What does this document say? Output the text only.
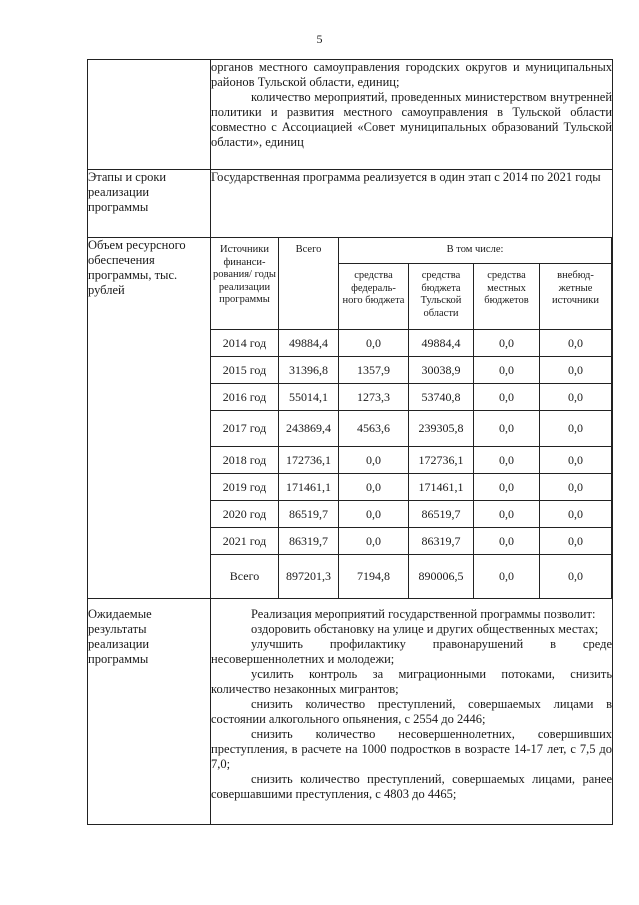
5

органов местного самоуправления городских округов и муниципальных районов Тульской области, единиц;

количество мероприятий, проведенных министерством внутренней политики и развития местного самоуправления в Тульской области совместно с Ассоциацией «Совет муниципальных образований Тульской области», единиц

Этапы и сроки реализации программы	Государственная программа реализуется в один этап с 2014 по 2021 годы
Объем ресурсного обеспечения программы, тыс. рублей	
Источники финанси-рования/ годы реализации программы	Всего	В том числе:
средства федераль-ного бюджета	средства бюджета Тульской области	средства местных бюджетов	внебюд-жетные источники
2014 год	49884,4	0,0	49884,4	0,0	0,0
2015 год	31396,8	1357,9	30038,9	0,0	0,0
2016 год	55014,1	1273,3	53740,8	0,0	0,0
2017 год	243869,4	4563,6	239305,8	0,0	0,0
2018 год	172736,1	0,0	172736,1	0,0	0,0
2019 год	171461,1	0,0	171461,1	0,0	0,0
2020 год	86519,7	0,0	86519,7	0,0	0,0
2021 год	86319,7	0,0	86319,7	0,0	0,0
Всего	897201,3	7194,8	890006,5	0,0	0,0

Ожидаемые результаты реализации программы	

Реализация мероприятий государственной программы позволит:

оздоровить обстановку на улице и других общественных местах;

улучшить профилактику правонарушений в среде несовершеннолетних и молодежи;

усилить контроль за миграционными потоками, снизить количество незаконных мигрантов;

снизить количество преступлений, совершаемых лицами в состоянии алкогольного опьянения, с 2554 до 2446;

снизить количество несовершеннолетних, совершивших преступления, в расчете на 1000 подростков в возрасте 14-17 лет, с 7,5 до 7,0;

снизить количество преступлений, совершаемых лицами, ранее совершавшими преступления, с 4803 до 4465;
